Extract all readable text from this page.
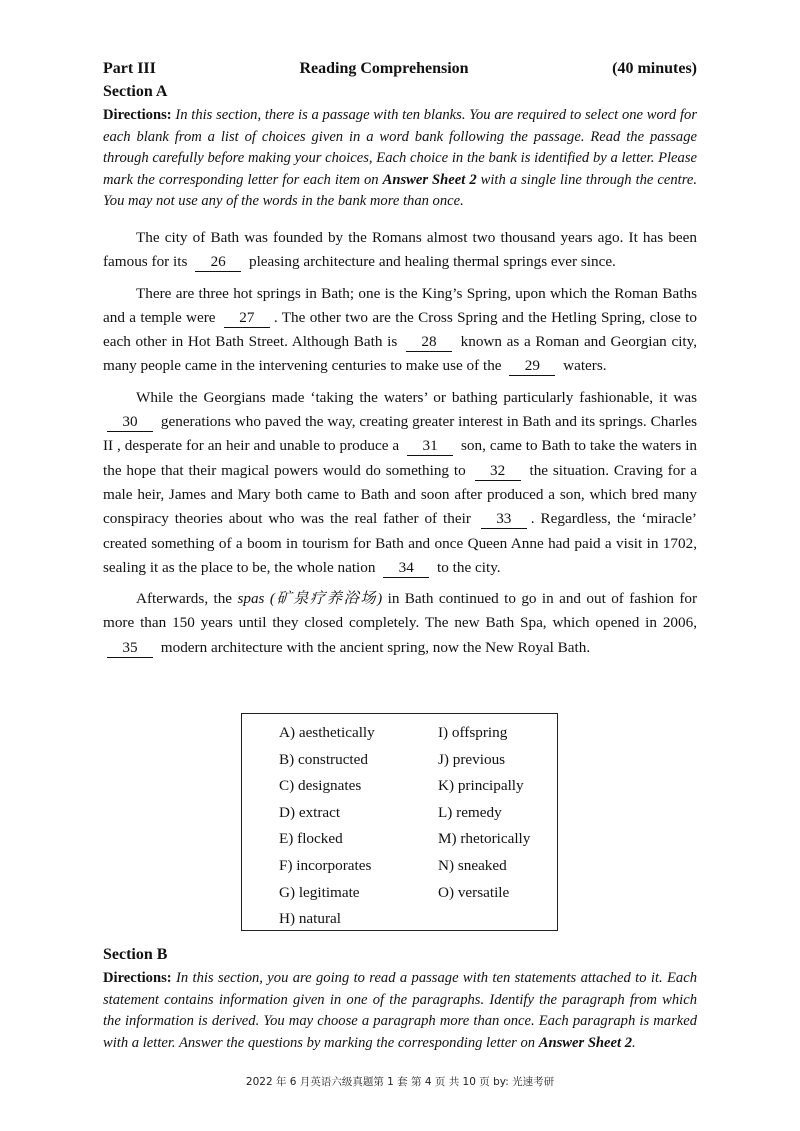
Part III	Reading Comprehension	(40 minutes)
Section A
Directions: In this section, there is a passage with ten blanks. You are required to select one word for each blank from a list of choices given in a word bank following the passage. Read the passage through carefully before making your choices, Each choice in the bank is identified by a letter. Please mark the corresponding letter for each item on Answer Sheet 2 with a single line through the centre. You may not use any of the words in the bank more than once.

The city of Bath was founded by the Romans almost two thousand years ago. It has been famous for its 26 pleasing architecture and healing thermal springs ever since.

There are three hot springs in Bath; one is the King’s Spring, upon which the Roman Baths and a temple were 27 . The other two are the Cross Spring and the Hetling Spring, close to each other in Hot Bath Street. Although Bath is 28 known as a Roman and Georgian city, many people came in the intervening centuries to make use of the 29 waters.

While the Georgians made ‘taking the waters’ or bathing particularly fashionable, it was 30 generations who paved the way, creating greater interest in Bath and its springs. Charles II , desperate for an heir and unable to produce a 31 son, came to Bath to take the waters in the hope that their magical powers would do something to 32 the situation. Craving for a male heir, James and Mary both came to Bath and soon after produced a son, which bred many conspiracy theories about who was the real father of their 33 . Regardless, the ‘miracle’ created something of a boom in tourism for Bath and once Queen Anne had paid a visit in 1702, sealing it as the place to be, the whole nation 34 to the city.

Afterwards, the spas (矿泉疗养浴场) in Bath continued to go in and out of fashion for more than 150 years until they closed completely. The new Bath Spa, which opened in 2006, 35 modern architecture with the ancient spring, now the New Royal Bath.

A) aesthetically
B) constructed
C) designates
D) extract
E) flocked
F) incorporates
G) legitimate
H) natural
I) offspring
J) previous
K) principally
L) remedy
M) rhetorically
N) sneaked
O) versatile
Section B
Directions: In this section, you are going to read a passage with ten statements attached to it. Each statement contains information given in one of the paragraphs. Identify the paragraph from which the information is derived. You may choose a paragraph more than once. Each paragraph is marked with a letter. Answer the questions by marking the corresponding letter on Answer Sheet 2.
2022 年 6 月英语六级真题第 1 套 第 4 页 共 10 页 by: 光速考研
